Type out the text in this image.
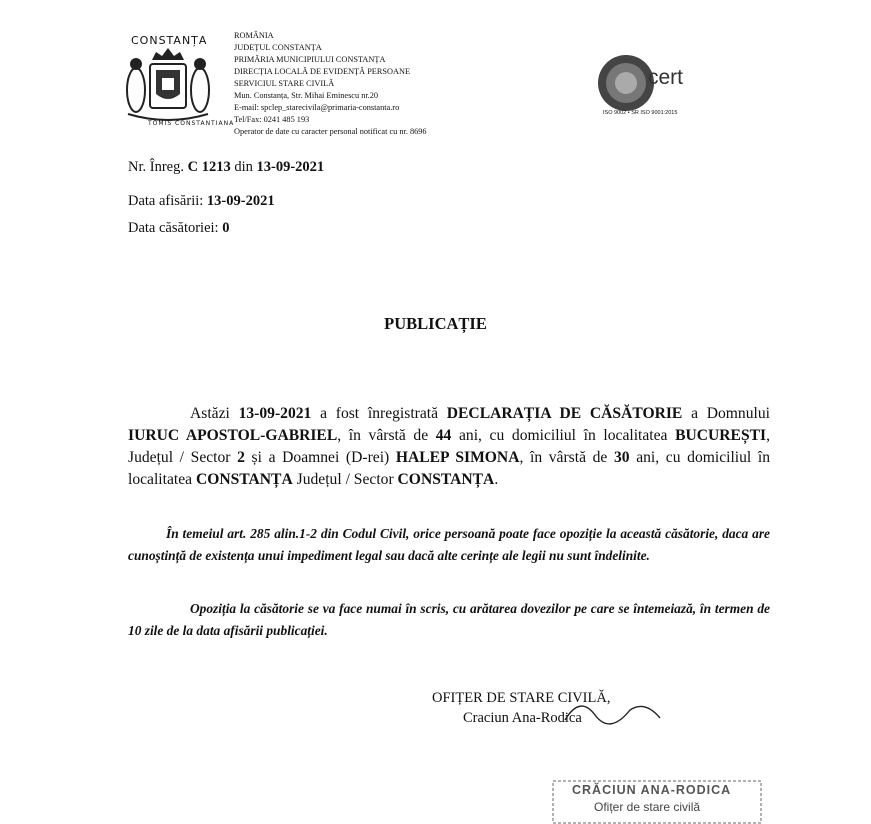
CONSTANȚA
TOMIS CONSTANTIANA
ROMÂNIA
JUDEȚUL CONSTANȚA
PRIMĂRIA MUNICIPIULUI CONSTANȚA
DIRECȚIA LOCALĂ DE EVIDENȚĂ PERSOANE
SERVICIUL STARE CIVILĂ
Mun. Constanța, Str. Mihai Eminescu nr.20
E-mail: spclep_starecivila@primaria-constanta.ro
Tel/Fax: 0241 485 193
Operator de date cu caracter personal notificat cu nr. 8696
cert
ISO 9002 • SR ISO 9001:2015
Nr. Înreg. C 1213 din 13-09-2021
Data afisării: 13-09-2021
Data căsătoriei: 0
PUBLICAȚIE

Astăzi 13-09-2021 a fost înregistrată DECLARAȚIA DE CĂSĂTORIE a Domnului IURUC APOSTOL-GABRIEL, în vârstă de 44 ani, cu domiciliul în localitatea BUCUREȘTI, Județul / Sector 2 și a Doamnei (D-rei) HALEP SIMONA, în vârstă de 30 ani, cu domiciliul în localitatea CONSTANȚA Județul / Sector CONSTANȚA.

În temeiul art. 285 alin.1-2 din Codul Civil, orice persoană poate face opoziție la această căsătorie, daca are cunoștință de existența unui impediment legal sau dacă alte cerințe ale legii nu sunt îndelinite.

Opoziția la căsătorie se va face numai în scris, cu arătarea dovezilor pe care se întemeiază, în termen de 10 zile de la data afisării publicației.

OFIȚER DE STARE CIVILĂ,
Craciun Ana-Rodica
CRĂCIUN ANA-RODICA
Ofițer de stare civilă
